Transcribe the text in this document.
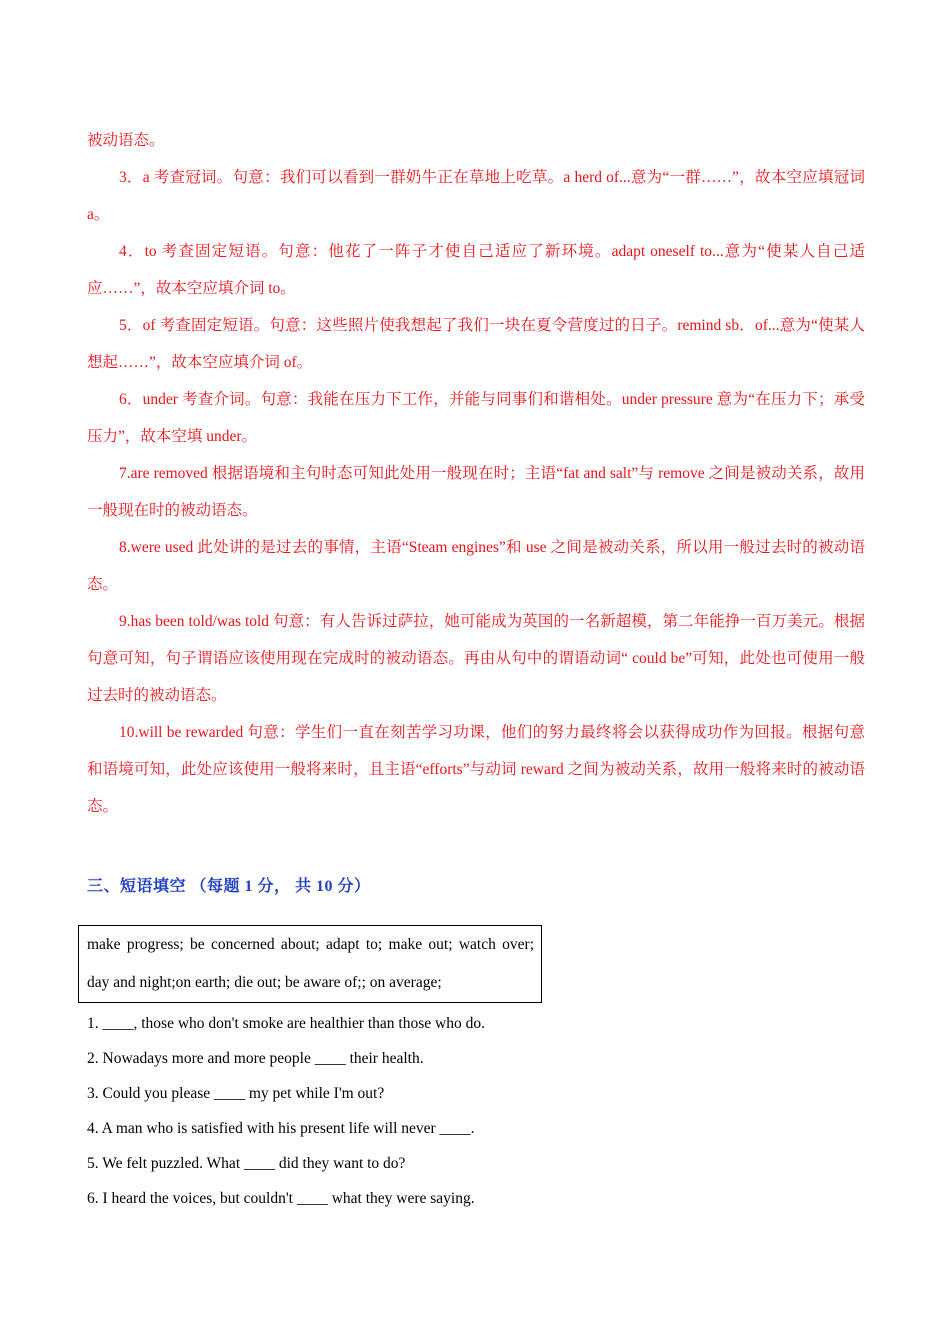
被动语态。

3．a 考查冠词。句意：我们可以看到一群奶牛正在草地上吃草。a herd of...意为“一群……”，故本空应填冠词 a。

4．to 考查固定短语。句意：他花了一阵子才使自己适应了新环境。adapt oneself to...意为“使某人自己适应……”，故本空应填介词 to。

5．of 考查固定短语。句意：这些照片使我想起了我们一块在夏令营度过的日子。remind sb．of...意为“使某人想起……”，故本空应填介词 of。

6．under 考查介词。句意：我能在压力下工作，并能与同事们和谐相处。under pressure 意为“在压力下；承受压力”，故本空填 under。

7.are removed 根据语境和主句时态可知此处用一般现在时；主语“fat and salt”与 remove 之间是被动关系，故用一般现在时的被动语态。

8.were used 此处讲的是过去的事情，主语“Steam engines”和 use 之间是被动关系，所以用一般过去时的被动语态。

9.has been told/was told 句意：有人告诉过萨拉，她可能成为英国的一名新超模，第二年能挣一百万美元。根据句意可知，句子谓语应该使用现在完成时的被动语态。再由从句中的谓语动词“ could be”可知，此处也可使用一般过去时的被动语态。

10.will be rewarded 句意：学生们一直在刻苦学习功课，他们的努力最终将会以获得成功作为回报。根据句意和语境可知，此处应该使用一般将来时，且主语“efforts”与动词 reward 之间为被动关系，故用一般将来时的被动语态。

三、短语填空 （每题 1 分， 共 10 分）
make progress; be concerned about; adapt to; make out; watch over; day and night;on earth; die out; be aware of;; on average;

1. ____, those who don't smoke are healthier than those who do.

2. Nowadays more and more people ____ their health.

3. Could you please ____ my pet while I'm out?

4. A man who is satisfied with his present life will never ____.

5. We felt puzzled. What ____ did they want to do?

6. I heard the voices, but couldn't ____ what they were saying.
